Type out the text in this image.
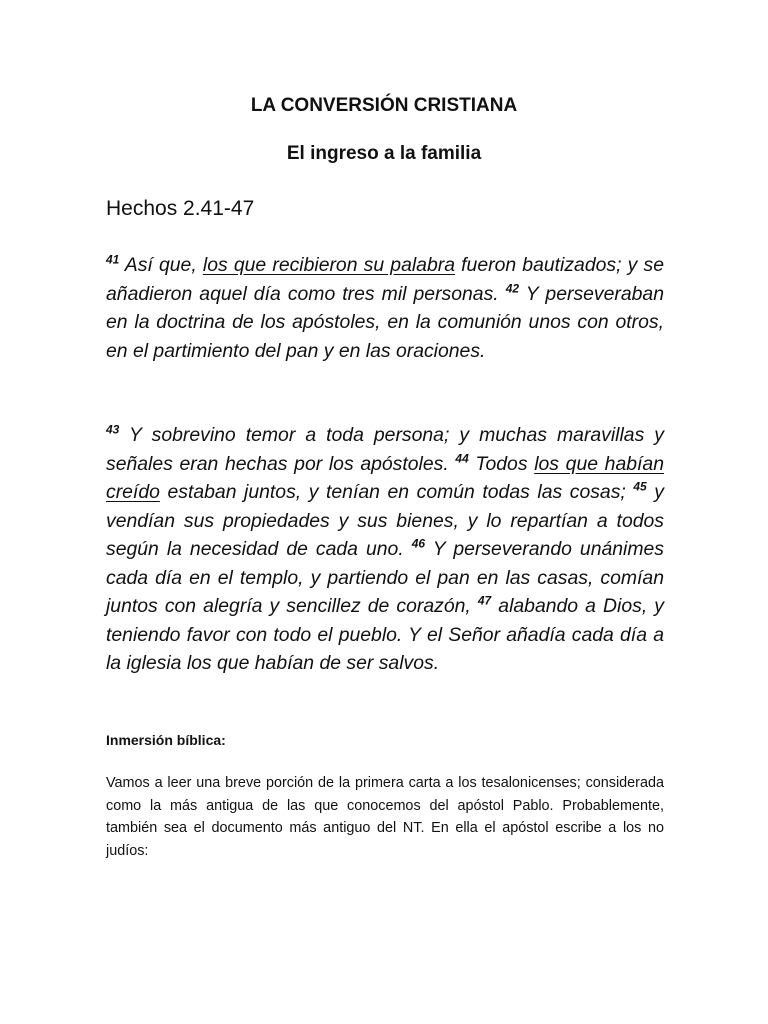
LA CONVERSIÓN CRISTIANA
El ingreso a la familia
Hechos 2.41-47
$^{41}$ Así que, los que recibieron su palabra fueron bautizados; y se añadieron aquel día como tres mil personas. $^{42}$ Y perseveraban en la doctrina de los apóstoles, en la comunión unos con otros, en el partimiento del pan y en las oraciones.
$^{43}$ Y sobrevino temor a toda persona; y muchas maravillas y señales eran hechas por los apóstoles. $^{44}$ Todos los que habían creído estaban juntos, y tenían en común todas las cosas; $^{45}$ y vendían sus propiedades y sus bienes, y lo repartían a todos según la necesidad de cada uno. $^{46}$ Y perseverando unánimes cada día en el templo, y partiendo el pan en las casas, comían juntos con alegría y sencillez de corazón, $^{47}$ alabando a Dios, y teniendo favor con todo el pueblo. Y el Señor añadía cada día a la iglesia los que habían de ser salvos.
Inmersión bíblica:
Vamos a leer una breve porción de la primera carta a los tesalonicenses; considerada como la más antigua de las que conocemos del apóstol Pablo. Probablemente, también sea el documento más antiguo del NT. En ella el apóstol escribe a los no judíos:
